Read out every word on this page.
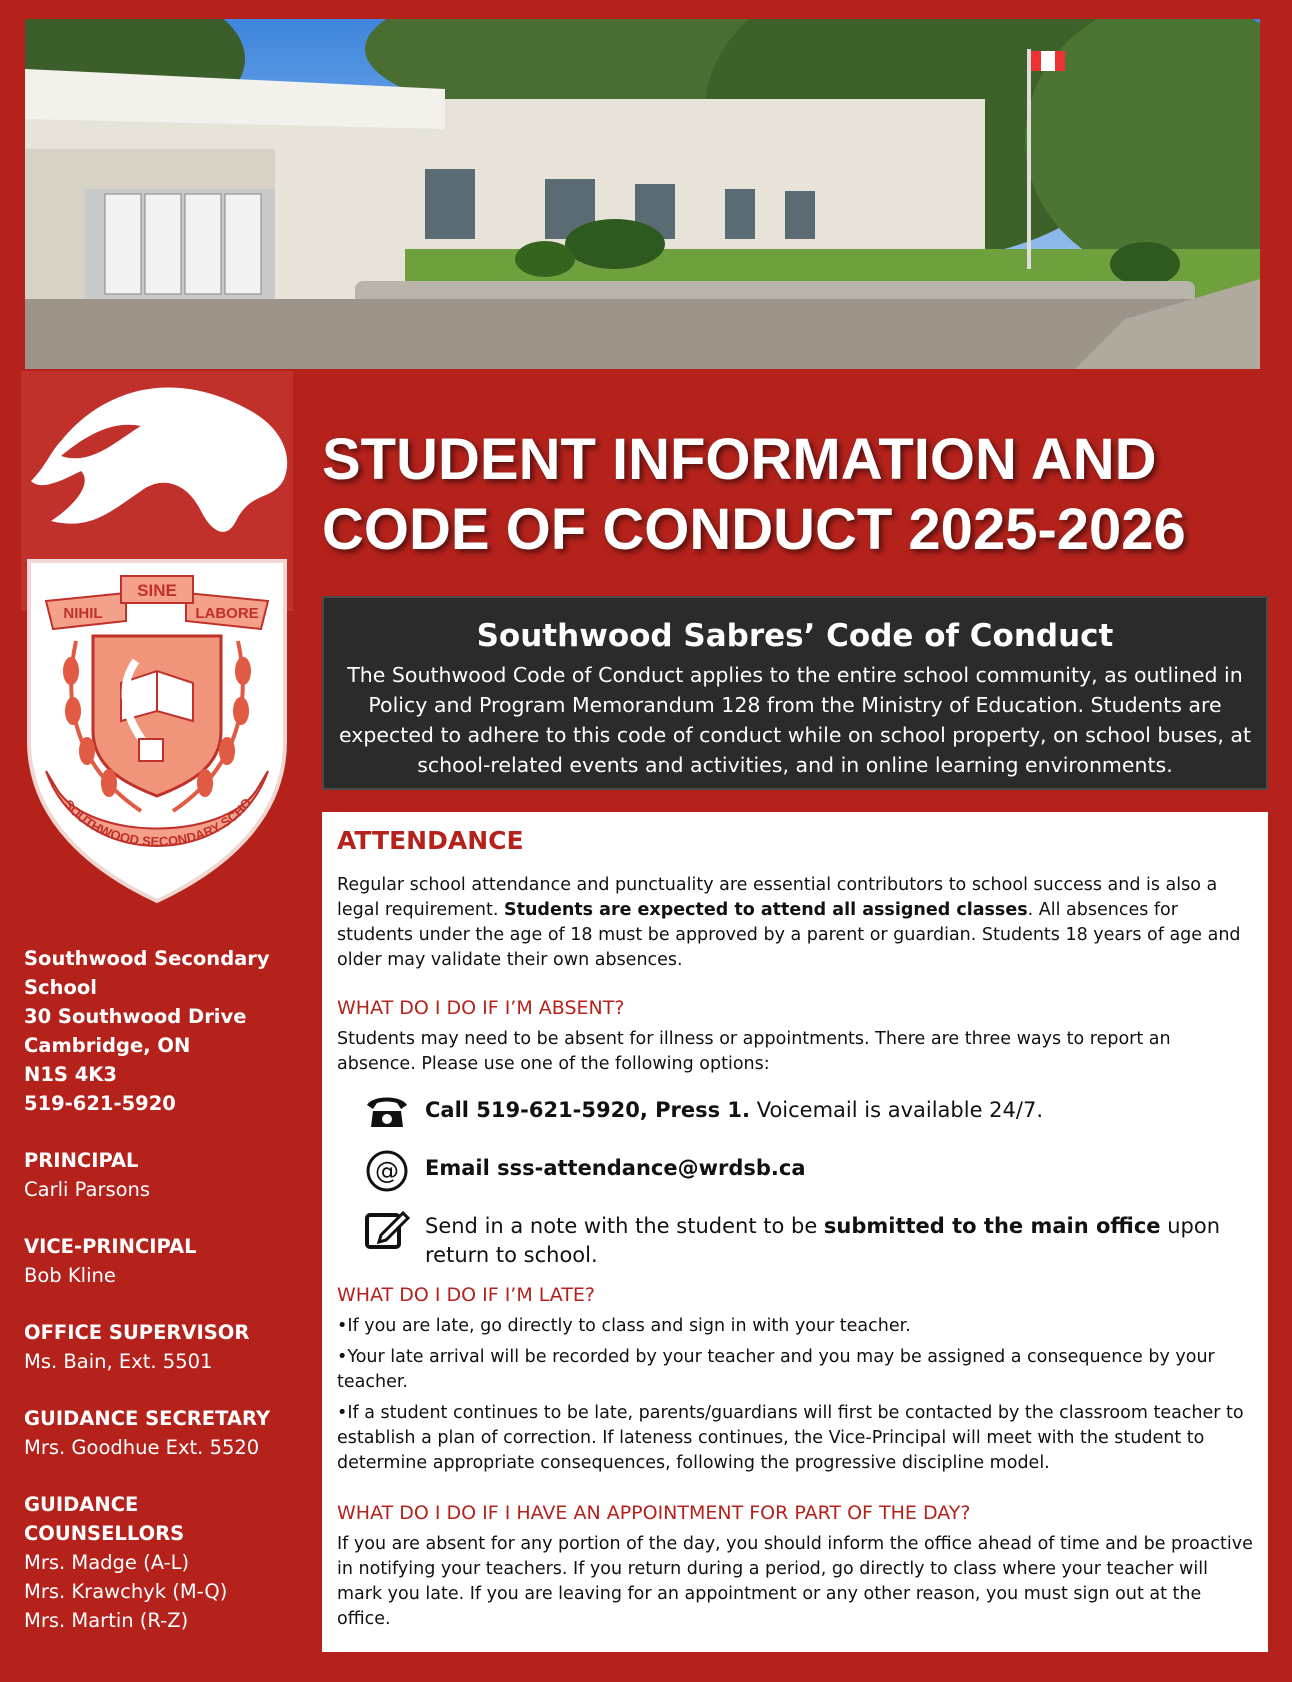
NIHIL
SINE
LABORE
SOUTHWOOD SECONDARY SCHO
Southwood Secondary
School
30 Southwood Drive
Cambridge, ON
N1S 4K3
519-621-5920
PRINCIPAL
Carli Parsons
VICE-PRINCIPAL
Bob Kline
OFFICE SUPERVISOR
Ms. Bain, Ext. 5501
GUIDANCE SECRETARY
Mrs. Goodhue Ext. 5520
GUIDANCE COUNSELLORS
Mrs. Madge (A-L)
Mrs. Krawchyk (M-Q)
Mrs. Martin (R-Z)
STUDENT INFORMATION AND CODE OF CONDUCT 2025-2026
Southwood Sabres’ Code of Conduct

The Southwood Code of Conduct applies to the entire school community, as outlined in Policy and Program Memorandum 128 from the Ministry of Education. Students are expected to adhere to this code of conduct while on school property, on school buses, at school-related events and activities, and in online learning environments.

ATTENDANCE

Regular school attendance and punctuality are essential contributors to school success and is also a legal requirement. Students are expected to attend all assigned classes. All absences for students under the age of 18 must be approved by a parent or guardian. Students 18 years of age and older may validate their own absences.

WHAT DO I DO IF I’M ABSENT?

Students may need to be absent for illness or appointments. There are three ways to report an absence. Please use one of the following options:

Call 519-621-5920, Press 1. Voicemail is available 24/7.
@ Email sss-attendance@wrdsb.ca
Send in a note with the student to be submitted to the main office upon return to school.
WHAT DO I DO IF I’M LATE?
•If you are late, go directly to class and sign in with your teacher.
•Your late arrival will be recorded by your teacher and you may be assigned a consequence by your teacher.
•If a student continues to be late, parents/guardians will first be contacted by the classroom teacher to establish a plan of correction. If lateness continues, the Vice-Principal will meet with the student to determine appropriate consequences, following the progressive discipline model.
WHAT DO I DO IF I HAVE AN APPOINTMENT FOR PART OF THE DAY?

If you are absent for any portion of the day, you should inform the office ahead of time and be proactive in notifying your teachers. If you return during a period, go directly to class where your teacher will mark you late. If you are leaving for an appointment or any other reason, you must sign out at the office.
